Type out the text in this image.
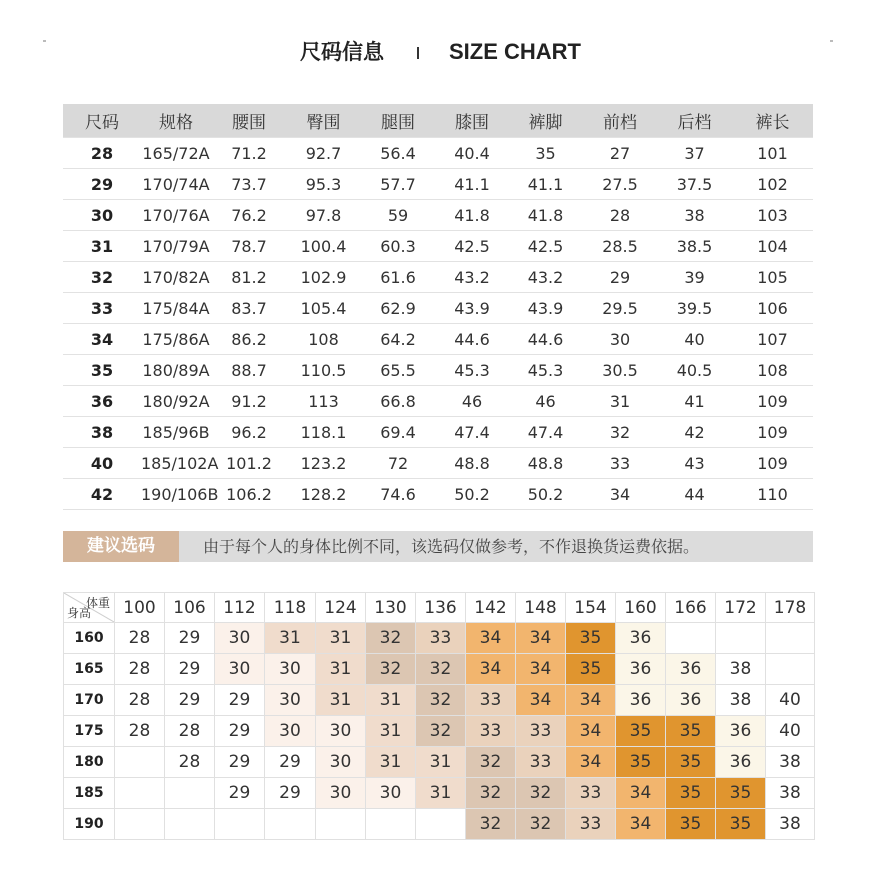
尺码信息	SIZE CHART
尺码	规格	腰围	臀围	腿围	膝围	裤脚	前档	后档	裤长
28	165/72A	71.2	92.7	56.4	40.4	35	27	37	101
29	170/74A	73.7	95.3	57.7	41.1	41.1	27.5	37.5	102
30	170/76A	76.2	97.8	59	41.8	41.8	28	38	103
31	170/79A	78.7	100.4	60.3	42.5	42.5	28.5	38.5	104
32	170/82A	81.2	102.9	61.6	43.2	43.2	29	39	105
33	175/84A	83.7	105.4	62.9	43.9	43.9	29.5	39.5	106
34	175/86A	86.2	108	64.2	44.6	44.6	30	40	107
35	180/89A	88.7	110.5	65.5	45.3	45.3	30.5	40.5	108
36	180/92A	91.2	113	66.8	46	46	31	41	109
38	185/96B	96.2	118.1	69.4	47.4	47.4	32	42	109
40	185/102A	101.2	123.2	72	48.8	48.8	33	43	109
42	190/106B	106.2	128.2	74.6	50.2	50.2	34	44	110
建议选码	由于每个人的身体比例不同，该选码仅做参考，不作退换货运费依据。
体重
身高	100	106	112	118	124	130	136	142	148	154	160	166	172	178
160	28	29	30	31	31	32	33	34	34	35	36			
165	28	29	30	30	31	32	32	34	34	35	36	36	38	
170	28	29	29	30	31	31	32	33	34	34	36	36	38	40
175	28	28	29	30	30	31	32	33	33	34	35	35	36	40
180		28	29	29	30	31	31	32	33	34	35	35	36	38
185			29	29	30	30	31	32	32	33	34	35	35	38
190								32	32	33	34	35	35	38
